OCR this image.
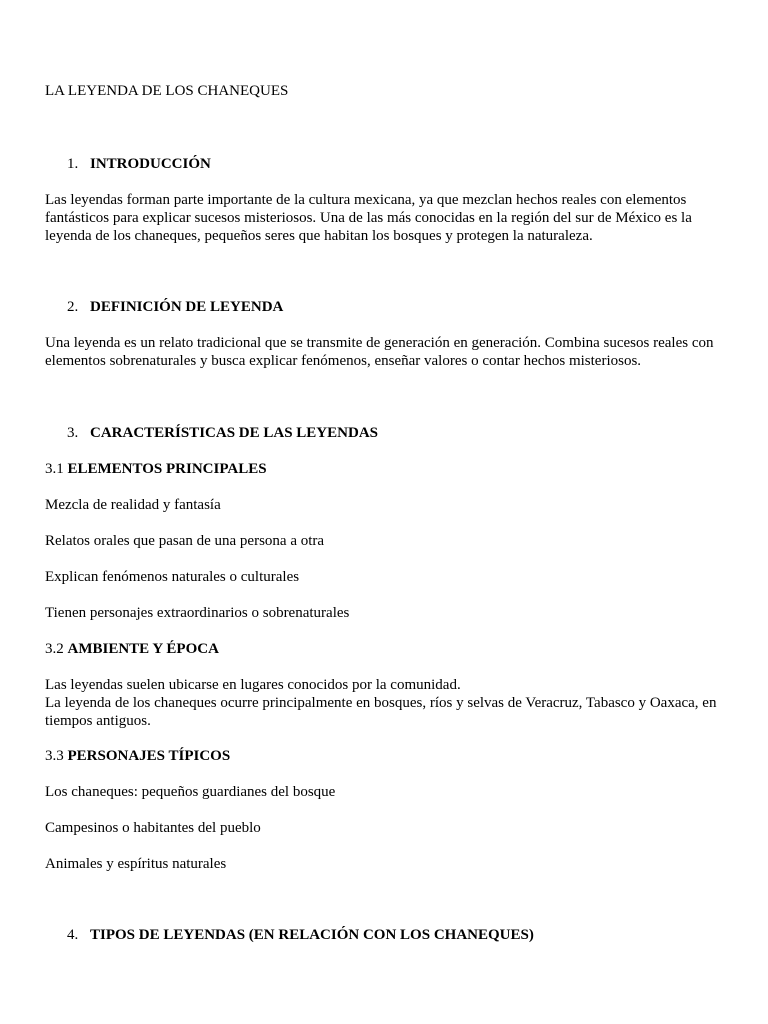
LA LEYENDA DE LOS CHANEQUES

1. INTRODUCCIÓN

Las leyendas forman parte importante de la cultura mexicana, ya que mezclan hechos reales con elementos
fantásticos para explicar sucesos misteriosos. Una de las más conocidas en la región del sur de México es la
leyenda de los chaneques, pequeños seres que habitan los bosques y protegen la naturaleza.

2. DEFINICIÓN DE LEYENDA

Una leyenda es un relato tradicional que se transmite de generación en generación. Combina sucesos reales con
elementos sobrenaturales y busca explicar fenómenos, enseñar valores o contar hechos misteriosos.

3. CARACTERÍSTICAS DE LAS LEYENDAS

3.1 ELEMENTOS PRINCIPALES

Mezcla de realidad y fantasía

Relatos orales que pasan de una persona a otra

Explican fenómenos naturales o culturales

Tienen personajes extraordinarios o sobrenaturales

3.2 AMBIENTE Y ÉPOCA

Las leyendas suelen ubicarse en lugares conocidos por la comunidad.
La leyenda de los chaneques ocurre principalmente en bosques, ríos y selvas de Veracruz, Tabasco y Oaxaca, en
tiempos antiguos.

3.3 PERSONAJES TÍPICOS

Los chaneques: pequeños guardianes del bosque

Campesinos o habitantes del pueblo

Animales y espíritus naturales

4. TIPOS DE LEYENDAS (EN RELACIÓN CON LOS CHANEQUES)
